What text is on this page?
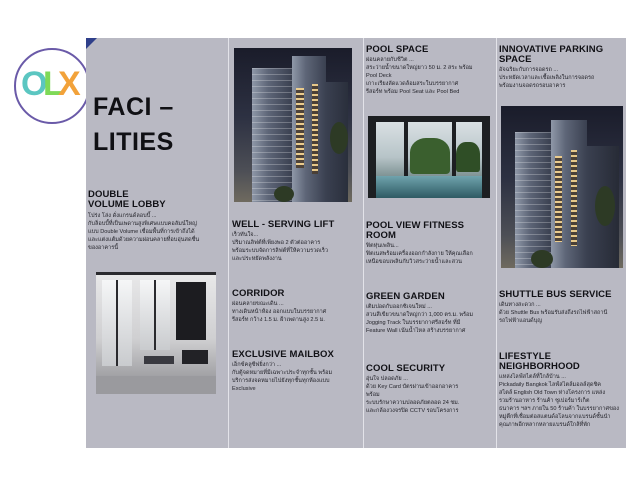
O
L
X
FACI –
LITIES
DOUBLE
VOLUME LOBBY
โปร่ง โล่ง ดั่งแกรนด์ลอบบี้ ...
กับล็อบบี้ที่เป็นเพดานสูงพิเศษแบบคอลัมน์ใหญ่
แบบ Double Volume เชื่อมพื้นที่การเข้าถึงได้
และแต่งแต้มด้วยความผ่อนคลายที่อบอุ่นสดชื่น
ของอาคารนี้
WELL - SERVING LIFT
เร็วทันใจ...
ปริมาณลิฟต์ที่เพียงพอ 2 ตัวต่ออาคาร
พร้อมระบบจัดการลิฟต์ที่ให้ความรวดเร็ว
และประหยัดพลังงาน
CORRIDOR
ผ่อนคลายขณะเดิน ...
ทางเดินหน้าห้อง ออกแบบในบรรยากาศ
รีสอร์ท กว้าง 1.5 ม. ฝ้าเพดานสูง 2.5 ม.
EXCLUSIVE MAILBOX
เอ็กซ์คลูซีฟยิ่งกว่า ...
กับตู้จดหมายที่มีเฉพาะประจำทุกชั้น พร้อม
บริการส่งจดหมายไปยังทุกชั้นทุกห้องแบบ
Exclusive
POOL SPACE
ผ่อนคลายกับชีวิต ...
สระว่ายน้ำขนาดใหญ่ยาว 50 ม. 2 สระ พร้อม
Pool Deck
เกาะเรียงลัดแวดล้อมสระในบรรยากาศ
รีสอร์ท พร้อม Pool Seat และ Pool Bed
POOL VIEW FITNESS
ROOM
ฟิตหุ่นเพลิน...
ฟิตเนสพร้อมเครื่องออกกำลังกาย ให้คุณเลือก
เหนือขอบเพลินกับวิวสระว่ายน้ำและสวน
GREEN GARDEN
เติมปอดกับออกซิเจนใหม่ ...
สวนสีเขียวขนาดใหญ่กว่า 1,000 ตร.ม. พร้อม
Jogging Track ในบรรยากาศรีสอร์ท ที่มี
Feature Wall เน้นน้ำไหล สร้างบรรยากาศ
COOL SECURITY
อุ่นใจ ปลอดภัย ...
ด้วย Key Card บัตรผ่านเข้าออกอาคาร
พร้อม
ระบบรักษาความปลอดภัยตลอด 24 ชม.
และกล้องวงจรปิด CCTV รอบโครงการ
INNOVATIVE PARKING
SPACE
อัจฉริยะกับการจอดรถ ...
ประหยัดเวลาและเชื้อเพลิงในการจอดรถ
พร้อมงานจอดรถรอบอาคาร
SHUTTLE BUS SERVICE
เดินทางสะดวก ...
ด้วย Shuttle Bus พร้อมรับส่งถึงรถไฟฟ้าสถานี
รถไฟฟ้าแอนด์บุญ
LIFESTYLE
NEIGHBORHOOD
แหล่งไลฟ์สไตล์ที่ใกล้บ้าน ...
Pickadaily Bangkok ไลฟ์สไตล์มอลล์สุดชิค
สไตล์ English Old Town ห่างโครงการ แหล่ง
รวมร้านอาหาร ร้านค้า ซูเปอร์มาร์เก็ต
ธนาคาร ฯลฯ ภายใน 50 ร้านค้า ในบรรยากาศของ
หมู่ตึกที่เชื่อมต่อสแตนด์อโลนจากแบรนด์ชั้นนำ
คุณภาพอีกหลากหลายแบรนด์ใกล้ที่พัก
